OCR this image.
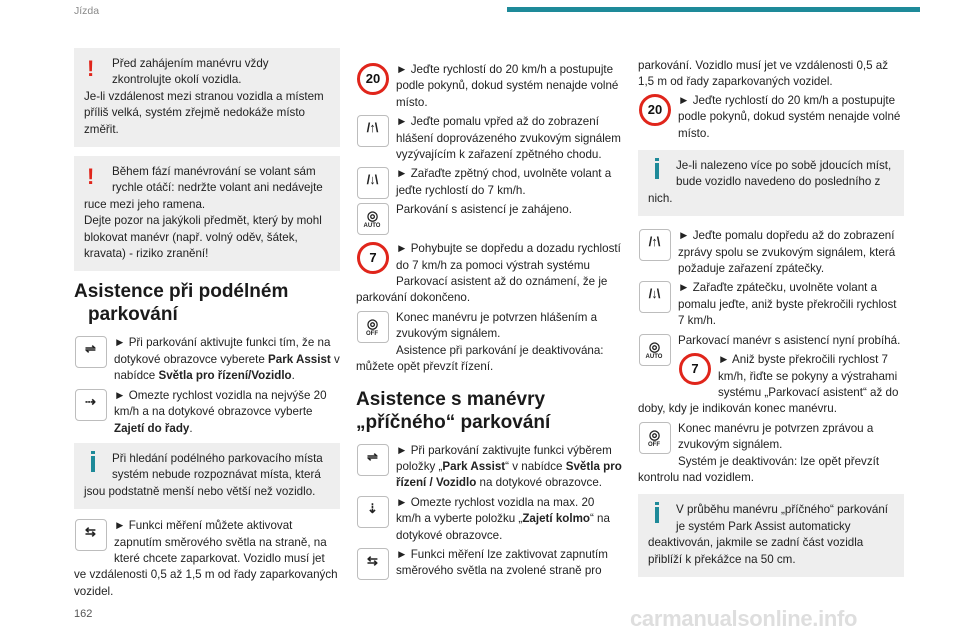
Jízda
!	Před zahájením manévru vždy

zkontrolujte okolí vozidla.

Je-li vzdálenost mezi stranou vozidla a místem příliš velká, systém zřejmě nedokáže místo změřit.

!	Během fází manévrování se volant sám rychle otáčí: nedržte volant ani nedávejte ruce mezi jeho ramena.

Dejte pozor na jakýkoli předmět, který by mohl blokovat manévr (např. volný oděv, šátek, kravata) - riziko zranění!

Asistence při podélném
parkování
⇌	► Při parkování aktivujte funkci tím, že na dotykové obrazovce vyberete Park Assist v nabídce Světla pro řízení/Vozidlo.

⇢	► Omezte rychlost vozidla na nejvýše 20 km/h a na dotykové obrazovce vyberte Zajetí do řady.

Při hledání podélného parkovacího místa systém nebude rozpoznávat místa, která jsou podstatně menší nebo větší než vozidlo.

⇆	► Funkci měření můžete aktivovat zapnutím směrového světla na straně, na které chcete zaparkovat. Vozidlo musí jet ve vzdálenosti 0,5 až 1,5 m od řady zaparkovaných vozidel.

20

► Jeďte rychlostí do 20 km/h a postupujte podle pokynů, dokud systém nenajde volné místo.

/↑\	► Jeďte pomalu vpřed až do zobrazení hlášení doprovázeného zvukovým signálem vyzývajícím k zařazení zpětného chodu.

/↓\	► Zařaďte zpětný chod, uvolněte volant a jeďte rychlostí do 7 km/h.

◎
AUTO

Parkování s asistencí je zahájeno.

7

► Pohybujte se dopředu a dozadu rychlostí do 7 km/h za pomoci výstrah systému Parkovací asistent až do oznámení, že je parkování dokončeno.

◎
OFF

Konec manévru je potvrzen hlášením a zvukovým signálem.

Asistence při parkování je deaktivována: můžete opět převzít řízení.

Asistence s manévry
„příčného“ parkování
⇌	► Při parkování zaktivujte funkci výběrem položky „Park Assist“ v nabídce Světla pro řízení / Vozidlo na dotykové obrazovce.

⇣	► Omezte rychlost vozidla na max. 20 km/h a vyberte položku „Zajetí kolmo“ na dotykové obrazovce.

⇆	► Funkci měření lze zaktivovat zapnutím směrového světla na zvolené straně pro

parkování. Vozidlo musí jet ve vzdálenosti 0,5 až 1,5 m od řady zaparkovaných vozidel.

20

► Jeďte rychlostí do 20 km/h a postupujte podle pokynů, dokud systém nenajde volné místo.

Je-li nalezeno více po sobě jdoucích míst, bude vozidlo navedeno do posledního z nich.

/↑\	► Jeďte pomalu dopředu až do zobrazení zprávy spolu se zvukovým signálem, která požaduje zařazení zpátečky.

/↓\	► Zařaďte zpátečku, uvolněte volant a pomalu jeďte, aniž byste překročili rychlost 7 km/h.

◎
AUTO

Parkovací manévr s asistencí nyní probíhá.

7

► Aniž byste překročili rychlost 7 km/h, řiďte se pokyny a výstrahami systému „Parkovací asistent“ až do doby, kdy je indikován konec manévru.

◎
OFF

Konec manévru je potvrzen zprávou a zvukovým signálem.

Systém je deaktivován: lze opět převzít kontrolu nad vozidlem.

V průběhu manévru „příčného“ parkování je systém Park Assist automaticky deaktivován, jakmile se zadní část vozidla přiblíží k překážce na 50 cm.

162	carmanualsonline.info
